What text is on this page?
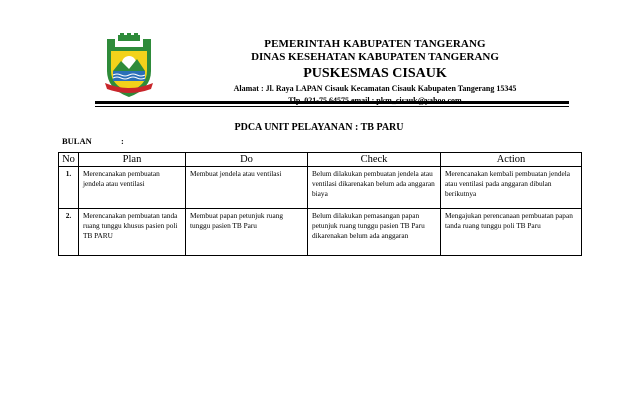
PEMERINTAH KABUPATEN TANGERANG
DINAS KESEHATAN KABUPATEN TANGERANG
PUSKESMAS CISAUK
Alamat : Jl. Raya LAPAN Cisauk Kecamatan Cisauk Kabupaten Tangerang 15345
PDCA UNIT PELAYANAN : TB PARU
BULAN	:
No	Plan	Do	Check	Action
1.	Merencanakan pembuatan jendela atau ventilasi	Membuat jendela atau ventilasi	Belum dilakukan pembuatan jendela atau ventilasi dikarenakan belum ada anggaran biaya	Merencanakan kembali pembuatan jendela atau ventilasi pada anggaran dibulan berikutnya
2.	Merencanakan pembuatan tanda ruang tunggu khusus pasien poli TB PARU	Membuat papan petunjuk ruang tunggu pasien TB Paru	Belum dilakukan pemasangan papan petunjuk ruang tunggu pasien TB Paru dikarenakan belum ada anggaran	Mengajukan perencanaan pembuatan papan tanda ruang tunggu poli TB Paru
